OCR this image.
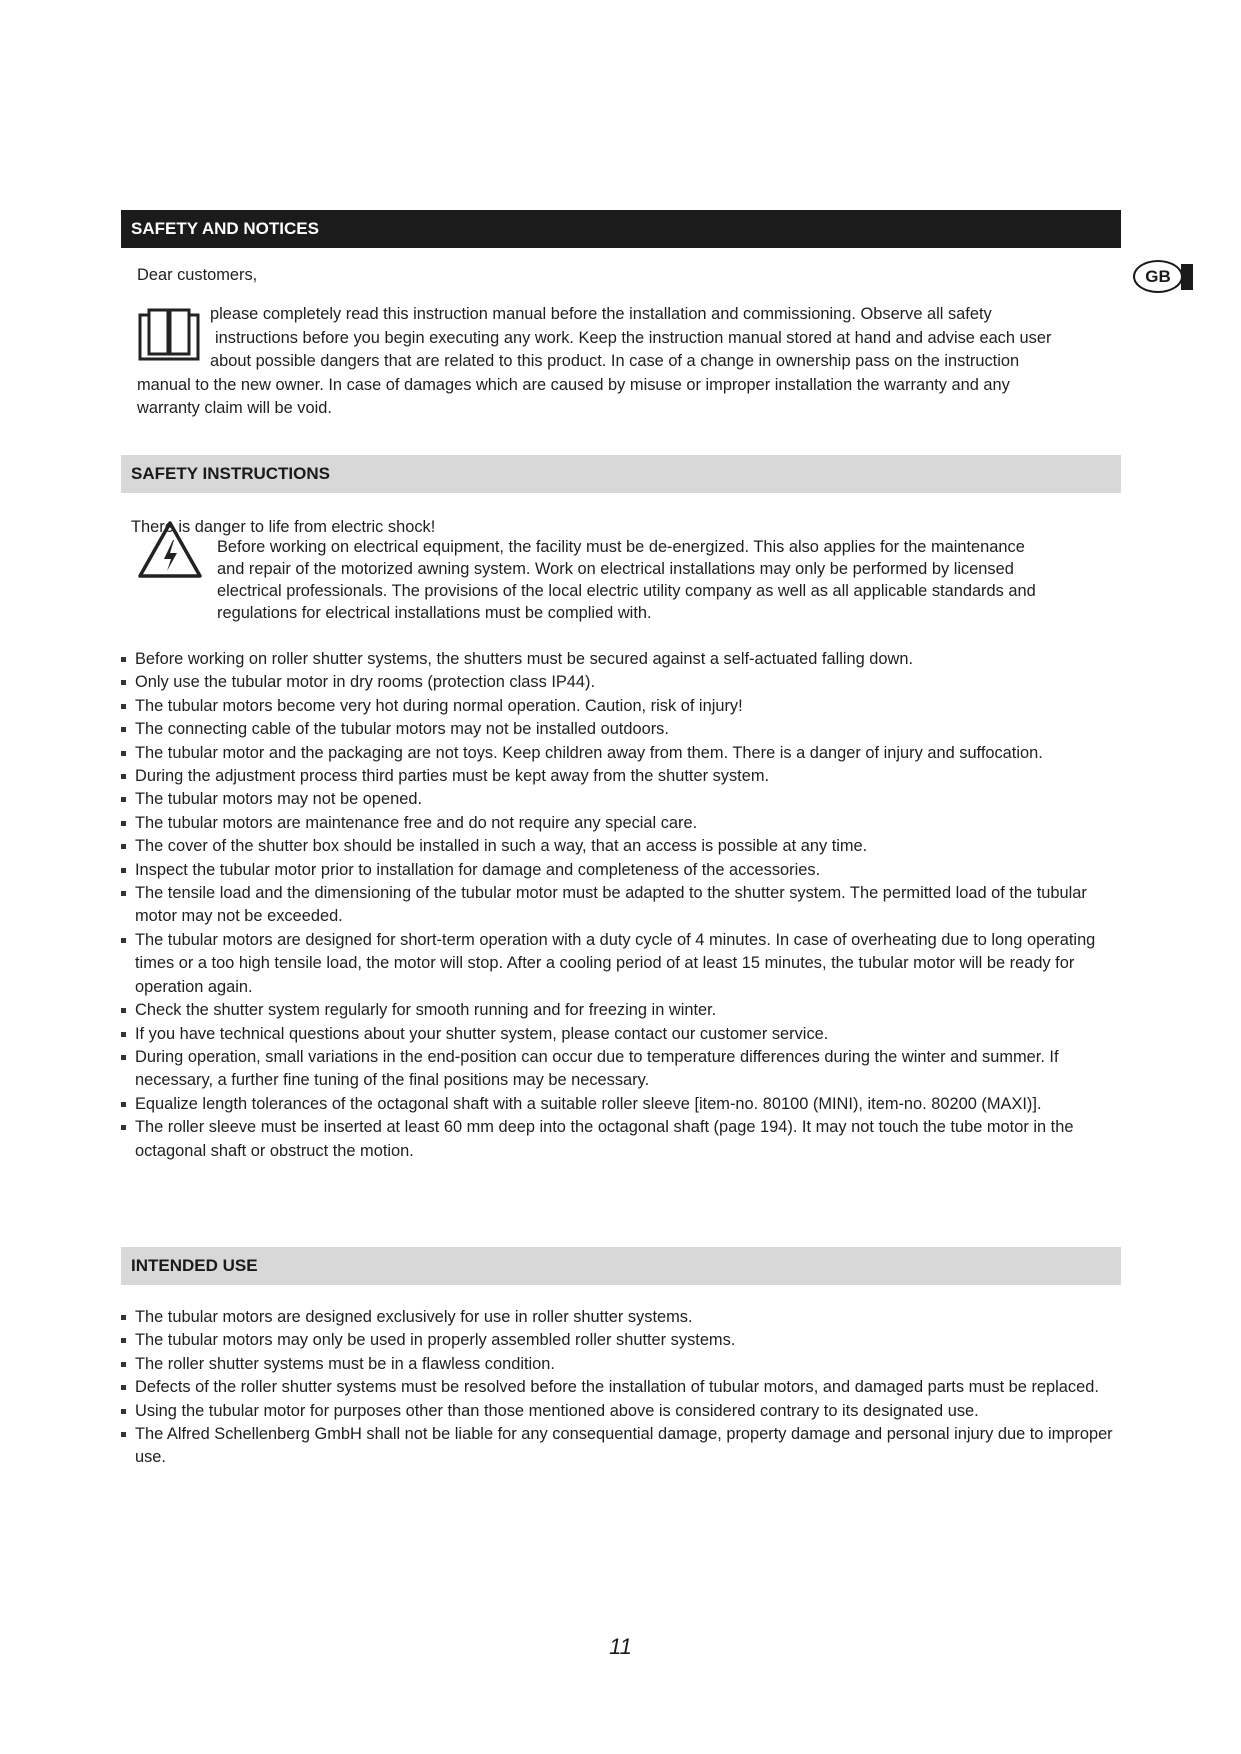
SAFETY AND NOTICES
GB

Dear customers,

please completely read this instruction manual before the installation and commissioning. Observe all safety

instructions before you begin executing any work. Keep the instruction manual stored at hand and advise each user

about possible dangers that are related to this product. In case of a change in ownership pass on the instruction

manual to the new owner. In case of damages which are caused by misuse or improper installation the warranty and any

warranty claim will be void.

SAFETY INSTRUCTIONS

There is danger to life from electric shock!

Before working on electrical equipment, the facility must be de-energized. This also applies for the maintenance

and repair of the motorized awning system. Work on electrical installations may only be performed by licensed

electrical professionals. The provisions of the local electric utility company as well as all applicable standards and

regulations for electrical installations must be complied with.

Before working on roller shutter systems, the shutters must be secured against a self-actuated falling down.
Only use the tubular motor in dry rooms (protection class IP44).
The tubular motors become very hot during normal operation. Caution, risk of injury!
The connecting cable of the tubular motors may not be installed outdoors.
The tubular motor and the packaging are not toys. Keep children away from them. There is a danger of injury and suffocation.
During the adjustment process third parties must be kept away from the shutter system.
The tubular motors may not be opened.
The tubular motors are maintenance free and do not require any special care.
The cover of the shutter box should be installed in such a way, that an access is possible at any time.
Inspect the tubular motor prior to installation for damage and completeness of the accessories.
The tensile load and the dimensioning of the tubular motor must be adapted to the shutter system. The permitted load of the tubular motor may not be exceeded.
The tubular motors are designed for short-term operation with a duty cycle of 4 minutes. In case of overheating due to long operating times or a too high tensile load, the motor will stop. After a cooling period of at least 15 minutes, the tubular motor will be ready for operation again.
Check the shutter system regularly for smooth running and for freezing in winter.
If you have technical questions about your shutter system, please contact our customer service.
During operation, small variations in the end-position can occur due to temperature differences during the winter and summer. If necessary, a further fine tuning of the final positions may be necessary.
Equalize length tolerances of the octagonal shaft with a suitable roller sleeve [item-no. 80100 (MINI), item-no. 80200 (MAXI)].
The roller sleeve must be inserted at least 60 mm deep into the octagonal shaft (page 194). It may not touch the tube motor in the octagonal shaft or obstruct the motion.
INTENDED USE
The tubular motors are designed exclusively for use in roller shutter systems.
The tubular motors may only be used in properly assembled roller shutter systems.
The roller shutter systems must be in a flawless condition.
Defects of the roller shutter systems must be resolved before the installation of tubular motors, and damaged parts must be replaced.
Using the tubular motor for purposes other than those mentioned above is considered contrary to its designated use.
The Alfred Schellenberg GmbH shall not be liable for any consequential damage, property damage and personal injury due to improper use.
11
